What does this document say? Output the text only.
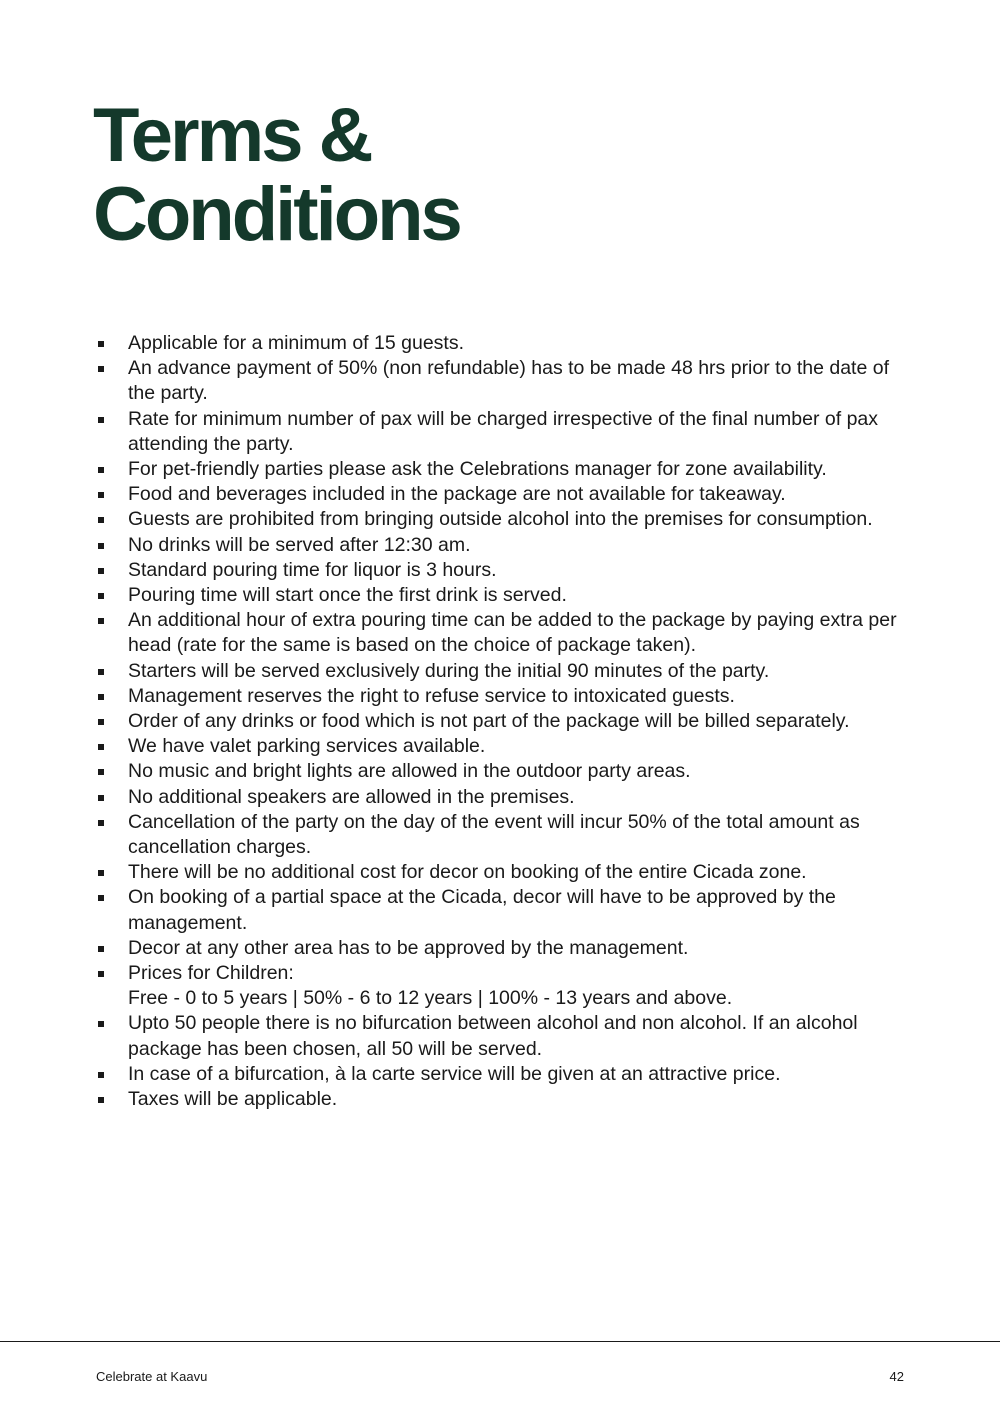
Terms &
Conditions
Applicable for a minimum of 15 guests.
An advance payment of 50% (non refundable) has to be made 48 hrs prior to the date of the party.
Rate for minimum number of pax will be charged irrespective of the final number of pax attending the party.
For pet-friendly parties please ask the Celebrations manager for zone availability.
Food and beverages included in the package are not available for takeaway.
Guests are prohibited from bringing outside alcohol into the premises for consumption.
No drinks will be served after 12:30 am.
Standard pouring time for liquor is 3 hours.
Pouring time will start once the first drink is served.
An additional hour of extra pouring time can be added to the package by paying extra per head (rate for the same is based on the choice of package taken).
Starters will be served exclusively during the initial 90 minutes of the party.
Management reserves the right to refuse service to intoxicated guests.
Order of any drinks or food which is not part of the package will be billed separately.
We have valet parking services available.
No music and bright lights are allowed in the outdoor party areas.
No additional speakers are allowed in the premises.
Cancellation of the party on the day of the event will incur 50% of the total amount as cancellation charges.
There will be no additional cost for decor on booking of the entire Cicada zone.
On booking of a partial space at the Cicada, decor will have to be approved by the management.
Decor at any other area has to be approved by the management.
Prices for Children:
Free - 0 to 5 years | 50% - 6 to 12 years | 100% - 13 years and above.
Upto 50 people there is no bifurcation between alcohol and non alcohol. If an alcohol package has been chosen, all 50 will be served.
In case of a bifurcation, à la carte service will be given at an attractive price.
Taxes will be applicable.
Celebrate at Kaavu	42
